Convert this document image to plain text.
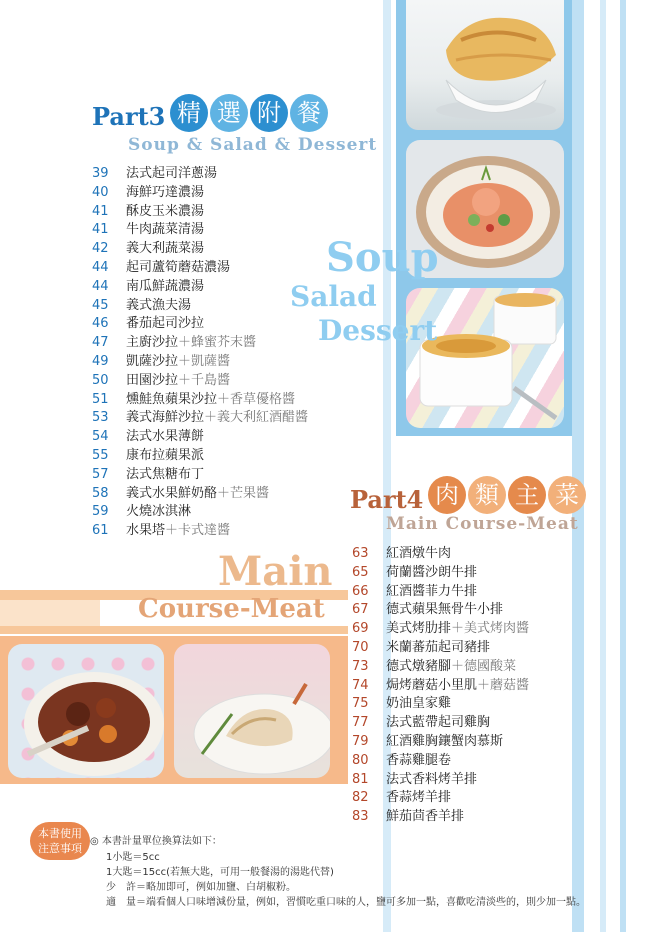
Part3 精 選 附 餐
Soup & Salad & Dessert
39	法式起司洋蔥湯
40	海鮮巧達濃湯
41	酥皮玉米濃湯
41	牛肉蔬菜清湯
42	義大利蔬菜湯
44	起司蘆筍蘑菇濃湯
44	南瓜鮮蔬濃湯
45	義式漁夫湯
46	番茄起司沙拉
47	主廚沙拉 ＋蜂蜜芥末醬
49	凱薩沙拉 ＋凱薩醬
50	田園沙拉 ＋千島醬
51	燻鮭魚蘋果沙拉 ＋香草優格醬
53	義式海鮮沙拉 ＋義大利紅酒醋醬
54	法式水果薄餅
55	康布拉蘋果派
57	法式焦糖布丁
58	義式水果鮮奶酪 ＋芒果醬
59	火燒冰淇淋
61	水果塔 ＋卡式達醬
Soup
Salad
Dessert
Main
Course-Meat
Part4 肉 類 主 菜
Main Course-Meat
63	紅酒燉牛肉
65	荷蘭醬沙朗牛排
66	紅酒醬菲力牛排
67	德式蘋果無骨牛小排
69	美式烤肋排 ＋美式烤肉醬
70	米蘭蕃茄起司豬排
73	德式燉豬腳 ＋德國酸菜
74	焗烤蘑菇小里肌 ＋蘑菇醬
75	奶油皇家雞
77	法式藍帶起司雞胸
79	紅酒雞胸鑲蟹肉慕斯
80	香蒜雞腿卷
81	法式香料烤羊排
82	香蒜烤羊排
83	鮮茄茴香羊排
本書使用
注意事項
◎ 本書計量單位換算法如下：
1小匙＝5cc
1大匙＝15cc(若無大匙，可用一般餐湯的湯匙代替)
少　許＝略加即可，例如加鹽、白胡椒粉。
適　量＝端看個人口味增減份量，例如，習慣吃重口味的人，鹽可多加一點，喜歡吃清淡些的，則少加一點。
